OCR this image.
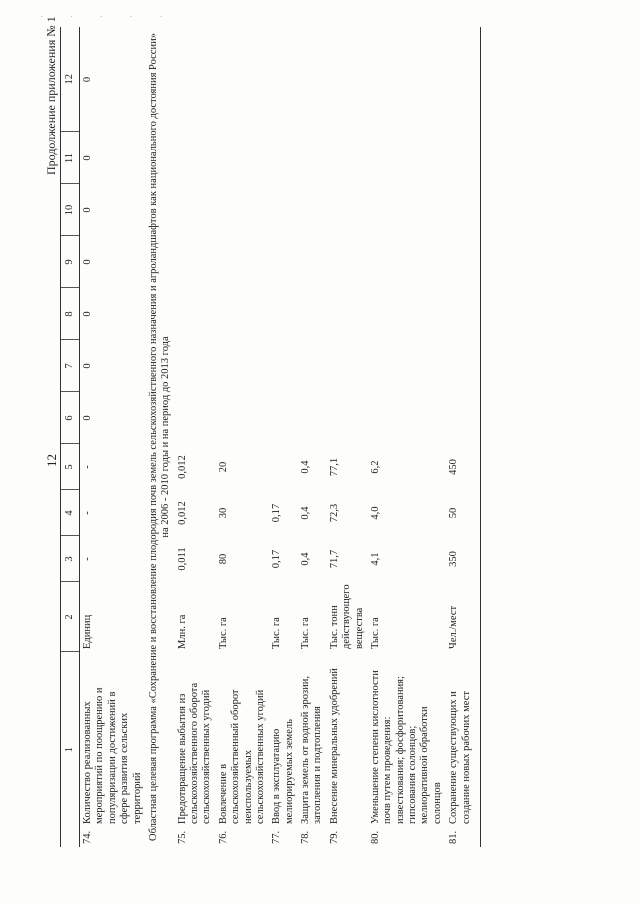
· · · · ·
12
Продолжение приложения № 1
1	2	3	4	5	6	7	8	9	10	11	12
74.Количество реализованных мероприятий по поощрению и популяризации достижений в сфере развития сельских территорий	Единиц	-	-	-	0	0	0	0	0	0	0
Областная целевая программа «Сохранение и восстановление плодородия почв земель сельскохозяйственного назначения и агроландшафтов как национального достояния России» на 2006 - 2010 годы и на период до 2013 года											
75.Предотвращение выбытия из сельскохозяйственного оборота сельскохозяйственных угодий	Млн. га	0,011	0,012	0,012							
76.Вовлечение в сельскохозяйственный оборот неиспользуемых сельскохозяйственных угодий	Тыс. га	80	30	20							
77.Ввод в эксплуатацию мелиорируемых земель	Тыс. га	0,17	0,17								
78.Защита земель от водной эрозии, затопления и подтопления	Тыс. га	0,4	0,4	0,4							
79.Внесение минеральных удобрений	Тыс. тонн действующего вещества	71,7	72,3	77,1							
80.Уменьшение степени кислотности почв путем проведения: известкования; фосфоритования; гипсования солонцов; мелиоративной обработки солонцов	Тыс. га	4,1	4,0	6,2							
81.Сохранение существующих и создание новых рабочих мест	Чел./мест	350	50	450							
